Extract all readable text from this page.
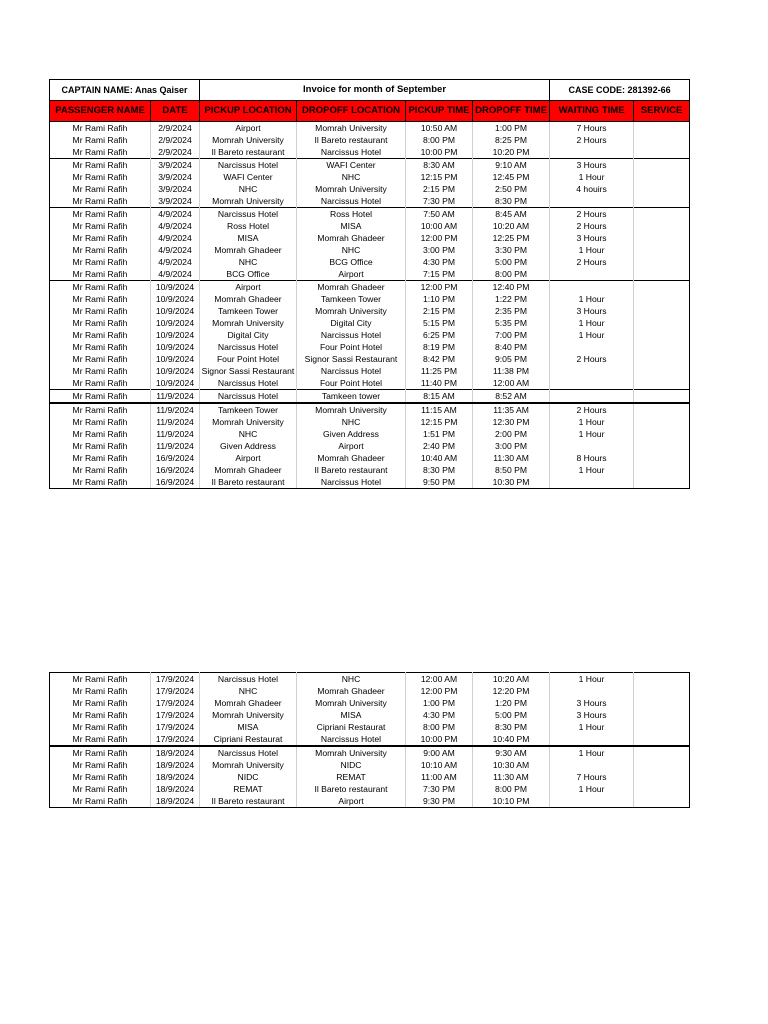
CAPTAIN NAME: Anas Qaiser		Invoice for month of September				CASE CODE: 281392-66	
PASSENGER NAME	DATE	PICKUP LOCATION	DROPOFF LOCATION	PICKUP TIME	DROPOFF TIME	WAITING TIME	SERVICE
Mr Rami Rafih	2/9/2024	Airport	Momrah University	10:50 AM	1:00 PM	7 Hours	
Mr Rami Rafih	2/9/2024	Momrah University	Il Bareto restaurant	8:00 PM	8:25 PM	2 Hours	
Mr Rami Rafih	2/9/2024	Il Bareto restaurant	Narcissus Hotel	10:00 PM	10:20 PM		
Mr Rami Rafih	3/9/2024	Narcissus Hotel	WAFI Center	8:30 AM	9:10 AM	3 Hours	
Mr Rami Rafih	3/9/2024	WAFI Center	NHC	12:15 PM	12:45 PM	1 Hour	
Mr Rami Rafih	3/9/2024	NHC	Momrah University	2:15 PM	2:50 PM	4 houirs	
Mr Rami Rafih	3/9/2024	Momrah University	Narcissus Hotel	7:30 PM	8:30 PM		
Mr Rami Rafih	4/9/2024	Narcissus Hotel	Ross Hotel	7:50 AM	8:45 AM	2 Hours	
Mr Rami Rafih	4/9/2024	Ross Hotel	MISA	10:00 AM	10:20 AM	2 Hours	
Mr Rami Rafih	4/9/2024	MISA	Momrah Ghadeer	12:00 PM	12:25 PM	3 Hours	
Mr Rami Rafih	4/9/2024	Momrah Ghadeer	NHC	3:00 PM	3:30 PM	1 Hour	
Mr Rami Rafih	4/9/2024	NHC	BCG Office	4:30 PM	5:00 PM	2 Hours	
Mr Rami Rafih	4/9/2024	BCG Office	Airport	7:15 PM	8:00 PM		
Mr Rami Rafih	10/9/2024	Airport	Momrah Ghadeer	12:00 PM	12:40 PM		
Mr Rami Rafih	10/9/2024	Momrah Ghadeer	Tamkeen Tower	1:10 PM	1:22 PM	1 Hour	
Mr Rami Rafih	10/9/2024	Tamkeen Tower	Momrah University	2:15 PM	2:35 PM	3 Hours	
Mr Rami Rafih	10/9/2024	Momrah University	Digital City	5:15 PM	5:35 PM	1 Hour	
Mr Rami Rafih	10/9/2024	Digital City	Narcissus Hotel	6:25 PM	7:00 PM	1 Hour	
Mr Rami Rafih	10/9/2024	Narcissus Hotel	Four Point Hotel	8:19 PM	8:40 PM		
Mr Rami Rafih	10/9/2024	Four Point Hotel	Signor Sassi Restaurant	8:42 PM	9:05 PM	2 Hours	
Mr Rami Rafih	10/9/2024	Signor Sassi Restaurant	Narcissus Hotel	11:25 PM	11:38 PM		
Mr Rami Rafih	10/9/2024	Narcissus Hotel	Four Point Hotel	11:40 PM	12:00 AM		
Mr Rami Rafih	11/9/2024	Narcissus Hotel	Tamkeen tower	8:15 AM	8:52 AM		
Mr Rami Rafih	11/9/2024	Tamkeen Tower	Momrah University	11:15 AM	11:35 AM	2 Hours	
Mr Rami Rafih	11/9/2024	Momrah University	NHC	12:15 PM	12:30 PM	1 Hour	
Mr Rami Rafih	11/9/2024	NHC	Given Address	1:51 PM	2:00 PM	1 Hour	
Mr Rami Rafih	11/9/2024	Given Address	Airport	2:40 PM	3:00 PM		
Mr Rami Rafih	16/9/2024	Airport	Momrah Ghadeer	10:40 AM	11:30 AM	8 Hours	
Mr Rami Rafih	16/9/2024	Momrah Ghadeer	Il Bareto restaurant	8:30 PM	8:50 PM	1 Hour	
Mr Rami Rafih	16/9/2024	Il Bareto restaurant	Narcissus Hotel	9:50 PM	10:30 PM		
Mr Rami Rafih	17/9/2024	Narcissus Hotel	NHC	12:00 AM	10:20 AM	1 Hour	
Mr Rami Rafih	17/9/2024	NHC	Momrah Ghadeer	12:00 PM	12:20 PM		
Mr Rami Rafih	17/9/2024	Momrah Ghadeer	Momrah University	1:00 PM	1:20 PM	3 Hours	
Mr Rami Rafih	17/9/2024	Momrah University	MISA	4:30 PM	5:00 PM	3 Hours	
Mr Rami Rafih	17/9/2024	MISA	Cipriani Restaurat	8:00 PM	8:30 PM	1 Hour	
Mr Rami Rafih	17/9/2024	Cipriani Restaurat	Narcissus Hotel	10:00 PM	10:40 PM		
Mr Rami Rafih	18/9/2024	Narcissus Hotel	Momrah University	9:00 AM	9:30 AM	1 Hour	
Mr Rami Rafih	18/9/2024	Momrah University	NIDC	10:10 AM	10:30 AM		
Mr Rami Rafih	18/9/2024	NIDC	REMAT	11:00 AM	11:30 AM	7 Hours	
Mr Rami Rafih	18/9/2024	REMAT	Il Bareto restaurant	7:30 PM	8:00 PM	1 Hour	
Mr Rami Rafih	18/9/2024	Il Bareto restaurant	Airport	9:30 PM	10:10 PM		
